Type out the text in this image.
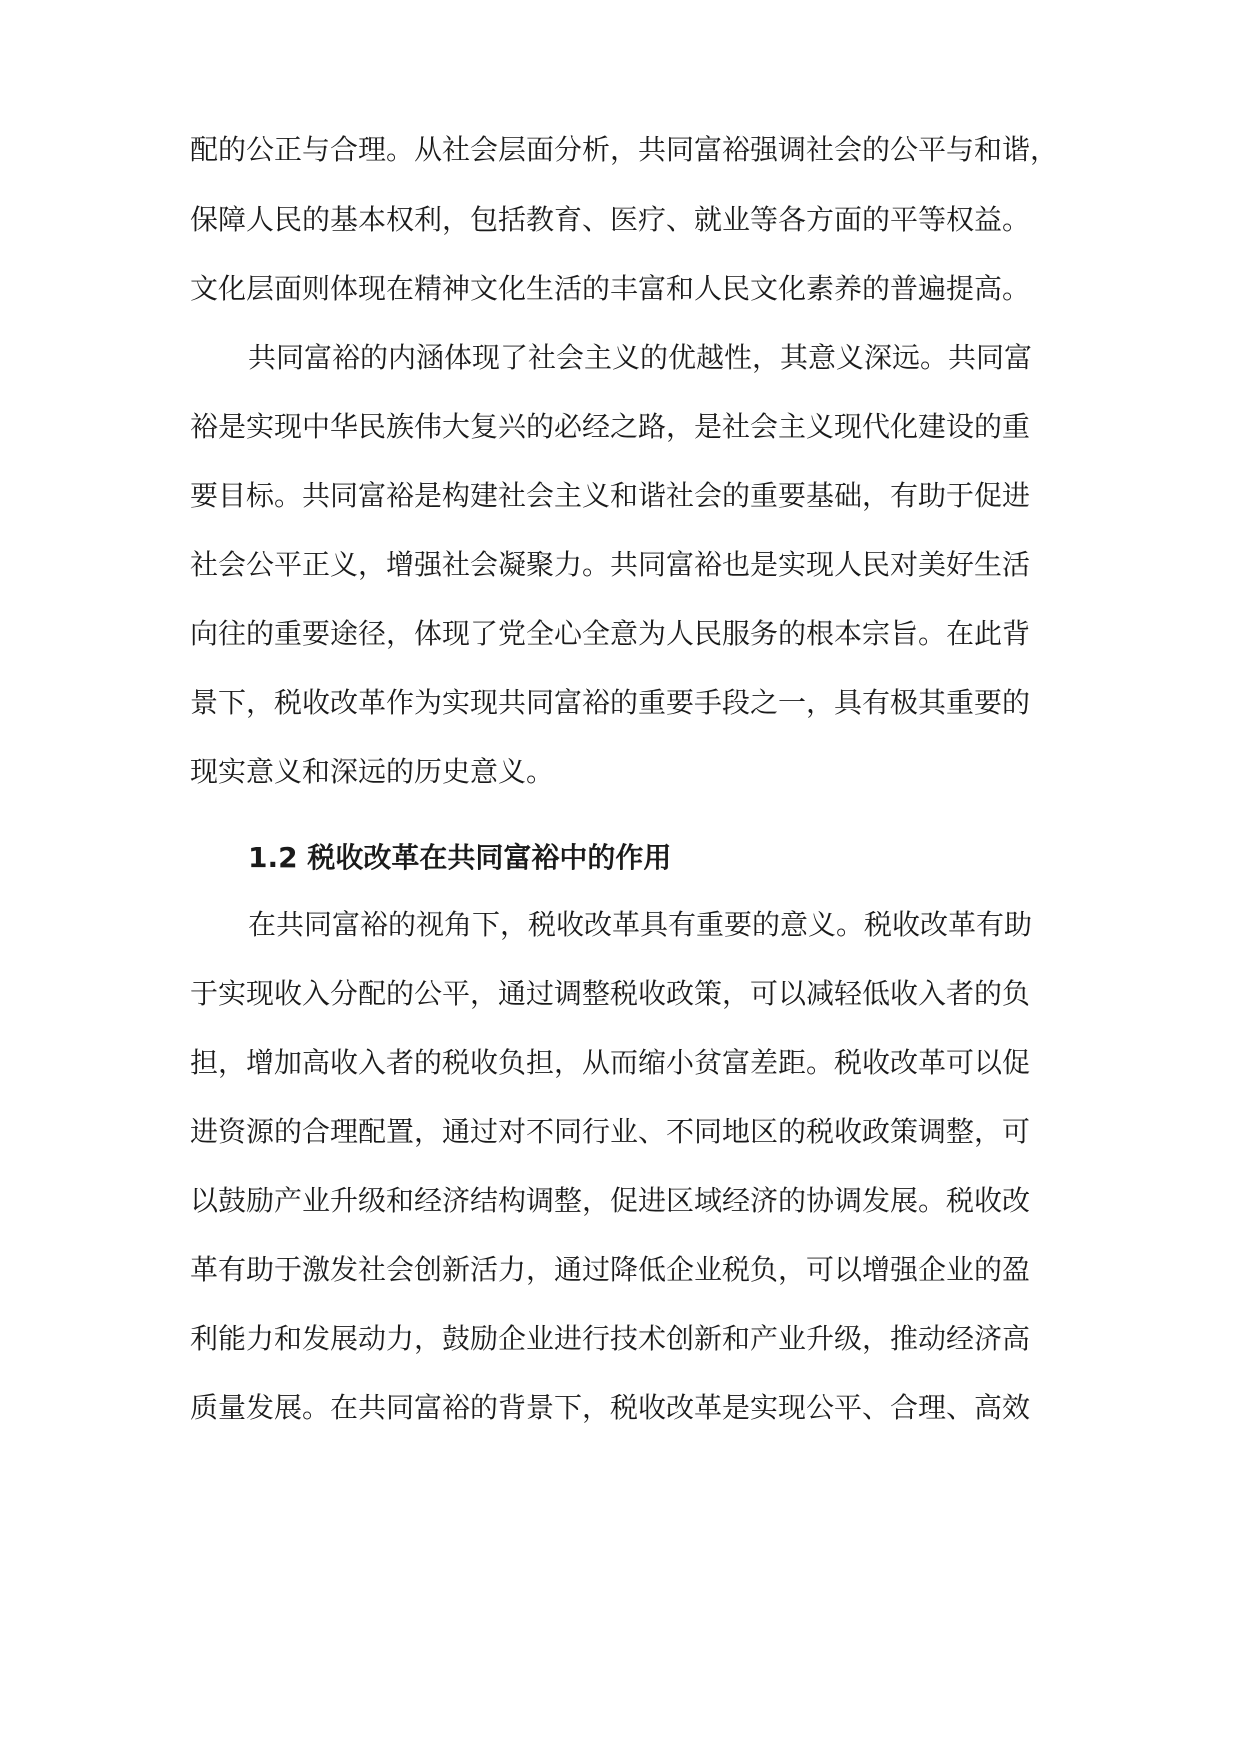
配的公正与合理。从社会层面分析，共同富裕强调社会的公平与和谐，
保障人民的基本权利，包括教育、医疗、就业等各方面的平等权益。
文化层面则体现在精神文化生活的丰富和人民文化素养的普遍提高。
共同富裕的内涵体现了社会主义的优越性，其意义深远。共同富
裕是实现中华民族伟大复兴的必经之路，是社会主义现代化建设的重
要目标。共同富裕是构建社会主义和谐社会的重要基础，有助于促进
社会公平正义，增强社会凝聚力。共同富裕也是实现人民对美好生活
向往的重要途径，体现了党全心全意为人民服务的根本宗旨。在此背
景下，税收改革作为实现共同富裕的重要手段之一，具有极其重要的
现实意义和深远的历史意义。
1.2 税收改革在共同富裕中的作用
在共同富裕的视角下，税收改革具有重要的意义。税收改革有助
于实现收入分配的公平，通过调整税收政策，可以减轻低收入者的负
担，增加高收入者的税收负担，从而缩小贫富差距。税收改革可以促
进资源的合理配置，通过对不同行业、不同地区的税收政策调整，可
以鼓励产业升级和经济结构调整，促进区域经济的协调发展。税收改
革有助于激发社会创新活力，通过降低企业税负，可以增强企业的盈
利能力和发展动力，鼓励企业进行技术创新和产业升级，推动经济高
质量发展。在共同富裕的背景下，税收改革是实现公平、合理、高效
